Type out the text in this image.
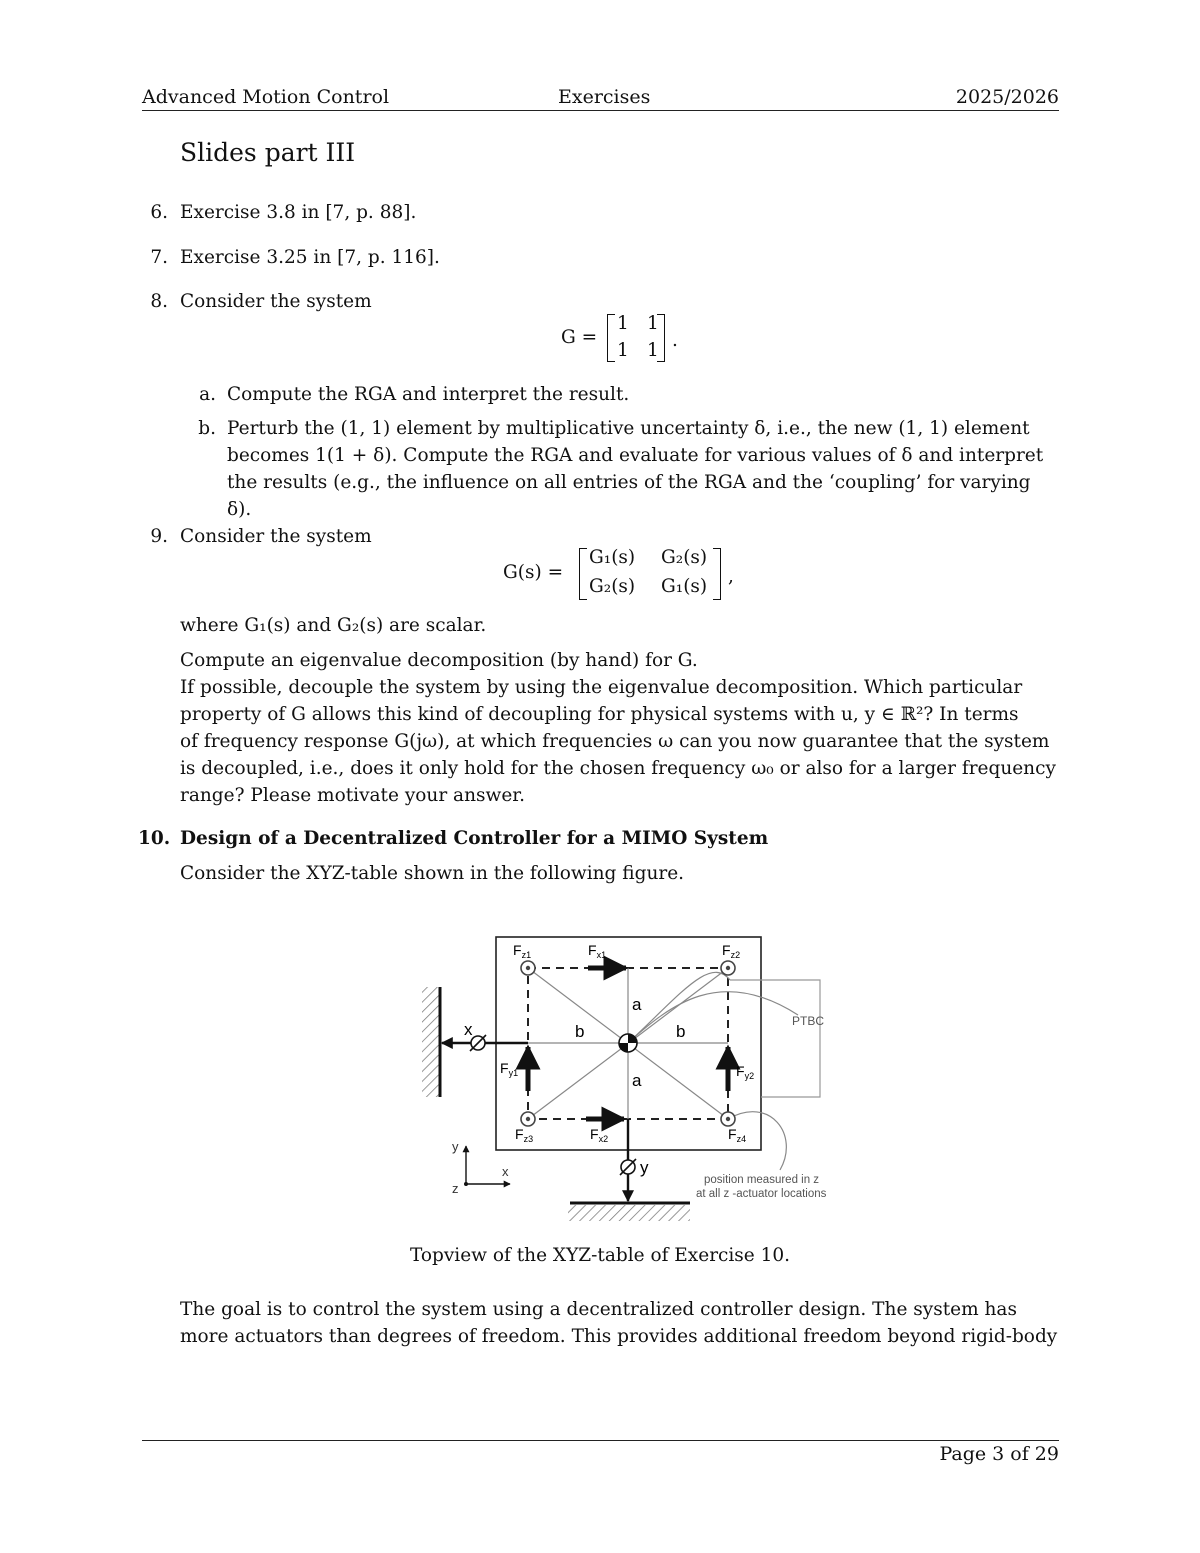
Advanced Motion Control	Exercises	2025/2026
Slides part III
6. Exercise 3.8 in [7, p. 88].
7. Exercise 3.25 in [7, p. 116].
8. Consider the system
G =
1 1
1 1 .
a. Compute the RGA and interpret the result.
b. Perturb the (1, 1) element by multiplicative uncertainty δ, i.e., the new (1, 1) element
becomes 1(1 + δ). Compute the RGA and evaluate for various values of δ and interpret
the results (e.g., the influence on all entries of the RGA and the ‘coupling’ for varying δ).
9. Consider the system
G(s) =
G₁(s) G₂(s)
G₂(s) G₁(s) ,
where G₁(s) and G₂(s) are scalar.
Compute an eigenvalue decomposition (by hand) for G.
If possible, decouple the system by using the eigenvalue decomposition. Which particular
property of G allows this kind of decoupling for physical systems with u, y ∈ ℝ²? In terms
of frequency response G(jω), at which frequencies ω can you now guarantee that the system
is decoupled, i.e., does it only hold for the chosen frequency ω₀ or also for a larger frequency
range? Please motivate your answer.
10. Design of a Decentralized Controller for a MIMO System
Consider the XYZ-table shown in the following figure.
$F_{z1}$	$F_{x1}$	$F_{z2}$
$F_{y1}$	$F_{y2}$
$F_{z3}$	$F_{x2}$	$F_{z4}$
a
a
b	b
x
y
PTBC
y
x
z
position measured in z
at all z -actuator locations
Topview of the XYZ-table of Exercise 10.
The goal is to control the system using a decentralized controller design. The system has
more actuators than degrees of freedom. This provides additional freedom beyond rigid-body
Page 3 of 29
